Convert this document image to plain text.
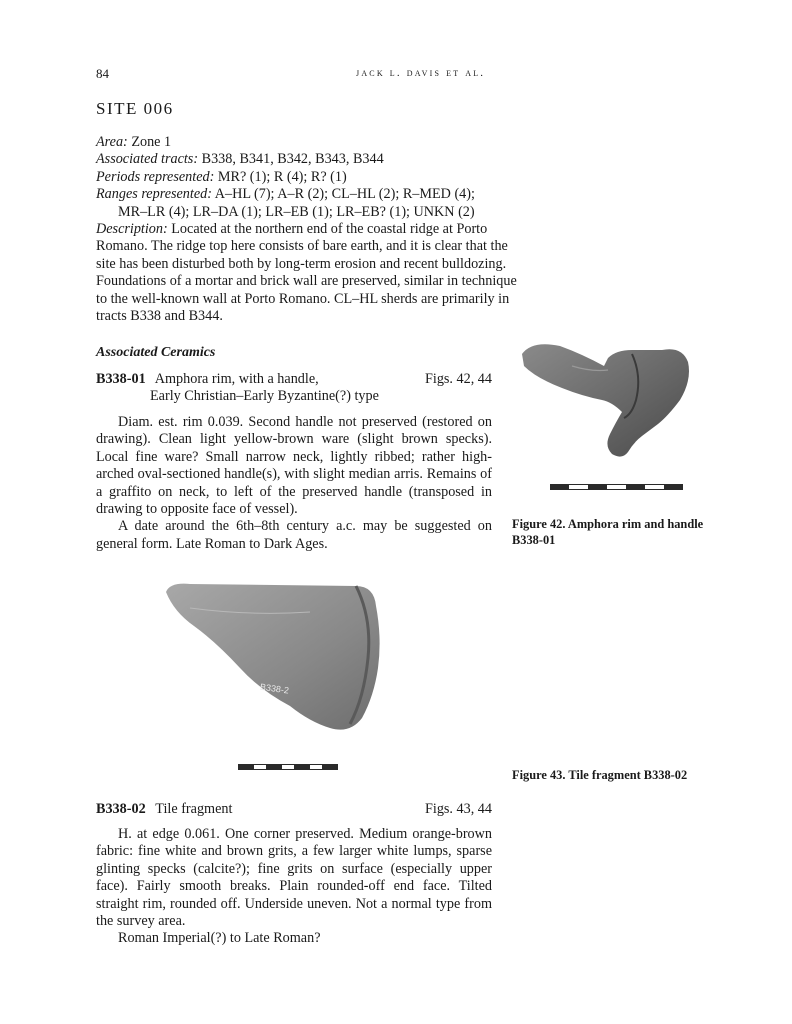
84	jack l. davis et al.
SITE 006
Area: Zone 1
Associated tracts: B338, B341, B342, B343, B344
Periods represented: MR? (1); R (4); R? (1)
Ranges represented: A–HL (7); A–R (2); CL–HL (2); R–MED (4);
MR–LR (4); LR–DA (1); LR–EB (1); LR–EB? (1); UNKN (2)
Description: Located at the northern end of the coastal ridge at Porto
Romano. The ridge top here consists of bare earth, and it is clear that the
site has been disturbed both by long-term erosion and recent bulldozing.
Foundations of a mortar and brick wall are preserved, similar in technique
to the well-known wall at Porto Romano. CL–HL sherds are primarily in
tracts B338 and B344.
Associated Ceramics
B338-01 Amphora rim, with a handle,	Figs. 42, 44
Early Christian–Early Byzantine(?) type

Diam. est. rim 0.039. Second handle not preserved (restored on drawing). Clean light yellow-brown ware (slight brown specks). Local fine ware? Small narrow neck, lightly ribbed; rather high-arched oval-sectioned handle(s), with slight median arris. Remains of a graffito on neck, to left of the preserved handle (transposed in drawing to opposite face of vessel).

A date around the 6th–8th century a.c. may be suggested on general form. Late Roman to Dark Ages.

Figure 42. Amphora rim and handle
B338-01
B338-2
Figure 43. Tile fragment B338-02
B338-02 Tile fragment	Figs. 43, 44

H. at edge 0.061. One corner preserved. Medium orange-brown fabric: fine white and brown grits, a few larger white lumps, sparse glinting specks (calcite?); fine grits on surface (especially upper face). Fairly smooth breaks. Plain rounded-off end face. Tilted straight rim, rounded off. Underside uneven. Not a normal type from the survey area.

Roman Imperial(?) to Late Roman?
